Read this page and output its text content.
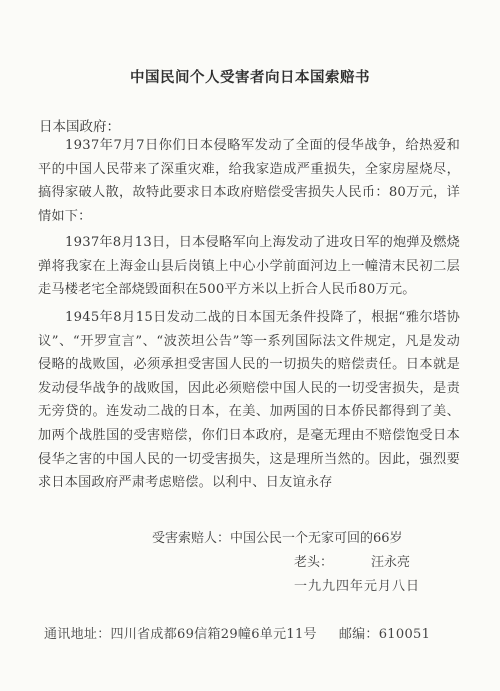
中国民间个人受害者向日本国索赔书
日本国政府：
1937年7月7日你们日本侵略军发动了全面的侵华战争，给热爱和平的中国人民带来了深重灾难，给我家造成严重损失，全家房屋烧尽，搞得家破人散，故特此要求日本政府赔偿受害损失人民币：80万元，详情如下：
1937年8月13日，日本侵略军向上海发动了进攻日军的炮弹及燃烧弹将我家在上海金山县后岗镇上中心小学前面河边上一幢清末民初二层走马楼老宅全部烧毁面积在500平方米以上折合人民币80万元。
1945年8月15日发动二战的日本国无条件投降了，根据“雅尔塔协议”、“开罗宣言”、“波茨坦公告”等一系列国际法文件规定，凡是发动侵略的战败国，必须承担受害国人民的一切损失的赔偿责任。日本就是发动侵华战争的战败国，因此必须赔偿中国人民的一切受害损失，是责无旁贷的。连发动二战的日本，在美、加两国的日本侨民都得到了美、加两个战胜国的受害赔偿，你们日本政府，是毫无理由不赔偿饱受日本侵华之害的中国人民的一切受害损失，这是理所当然的。因此，强烈要求日本国政府严肃考虑赔偿。以利中、日友谊永存
受害索赔人：中国公民一个无家可回的66岁
老头：	汪永亮
一九九四年元月八日
通讯地址：四川省成都69信箱29幢6单元11号 邮编：610051
